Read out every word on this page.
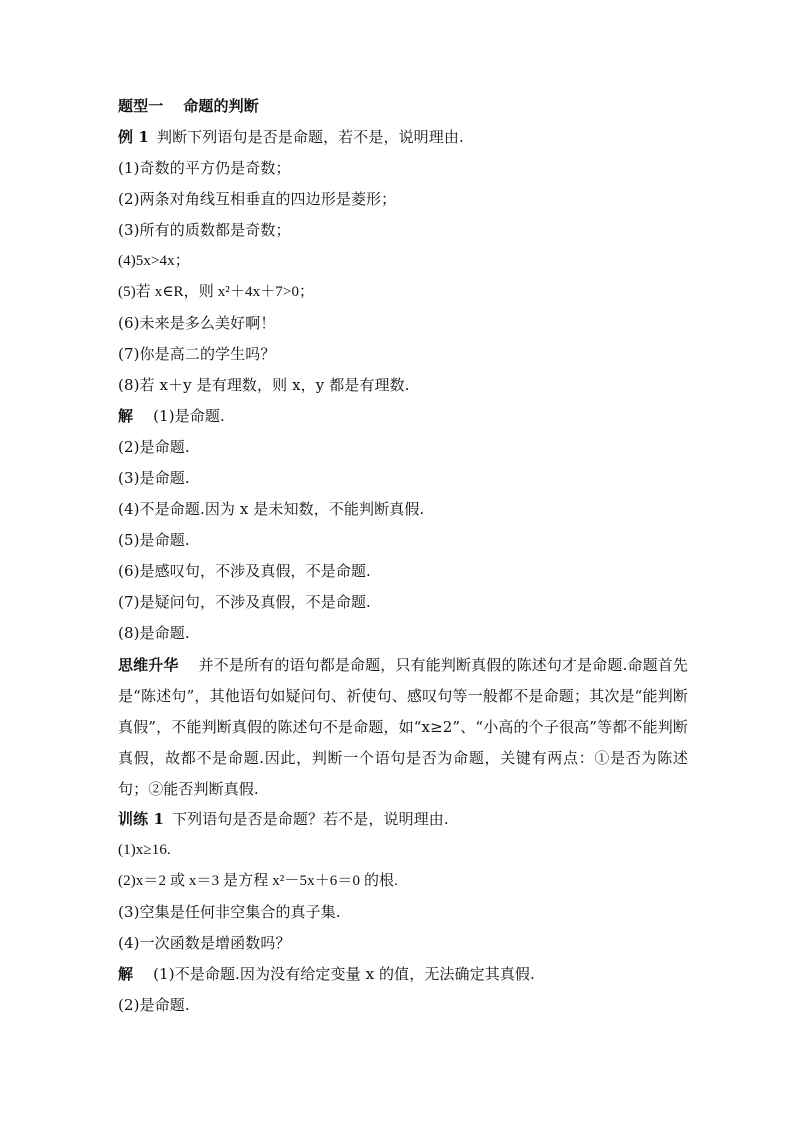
题型一 命题的判断
例 1 判断下列语句是否是命题，若不是，说明理由.
(1)奇数的平方仍是奇数；
(2)两条对角线互相垂直的四边形是菱形；
(3)所有的质数都是奇数；
(4)5x>4x；
(5)若 x∈R，则 x²＋4x＋7>0；
(6)未来是多么美好啊！
(7)你是高二的学生吗？
(8)若 x＋y 是有理数，则 x，y 都是有理数.
解 (1)是命题.
(2)是命题.
(3)是命题.
(4)不是命题.因为 x 是未知数，不能判断真假.
(5)是命题.
(6)是感叹句，不涉及真假，不是命题.
(7)是疑问句，不涉及真假，不是命题.
(8)是命题.
思维升华 并不是所有的语句都是命题，只有能判断真假的陈述句才是命题.命题首先是“陈述句”，其他语句如疑问句、祈使句、感叹句等一般都不是命题；其次是“能判断真假”，不能判断真假的陈述句不是命题，如“x≥2”、“小高的个子很高”等都不能判断真假，故都不是命题.因此，判断一个语句是否为命题，关键有两点：①是否为陈述句；②能否判断真假.
训练 1 下列语句是否是命题？若不是，说明理由.
(1)x≥16.
(2)x＝2 或 x＝3 是方程 x²－5x＋6＝0 的根.
(3)空集是任何非空集合的真子集.
(4)一次函数是增函数吗？
解 (1)不是命题.因为没有给定变量 x 的值，无法确定其真假.
(2)是命题.
